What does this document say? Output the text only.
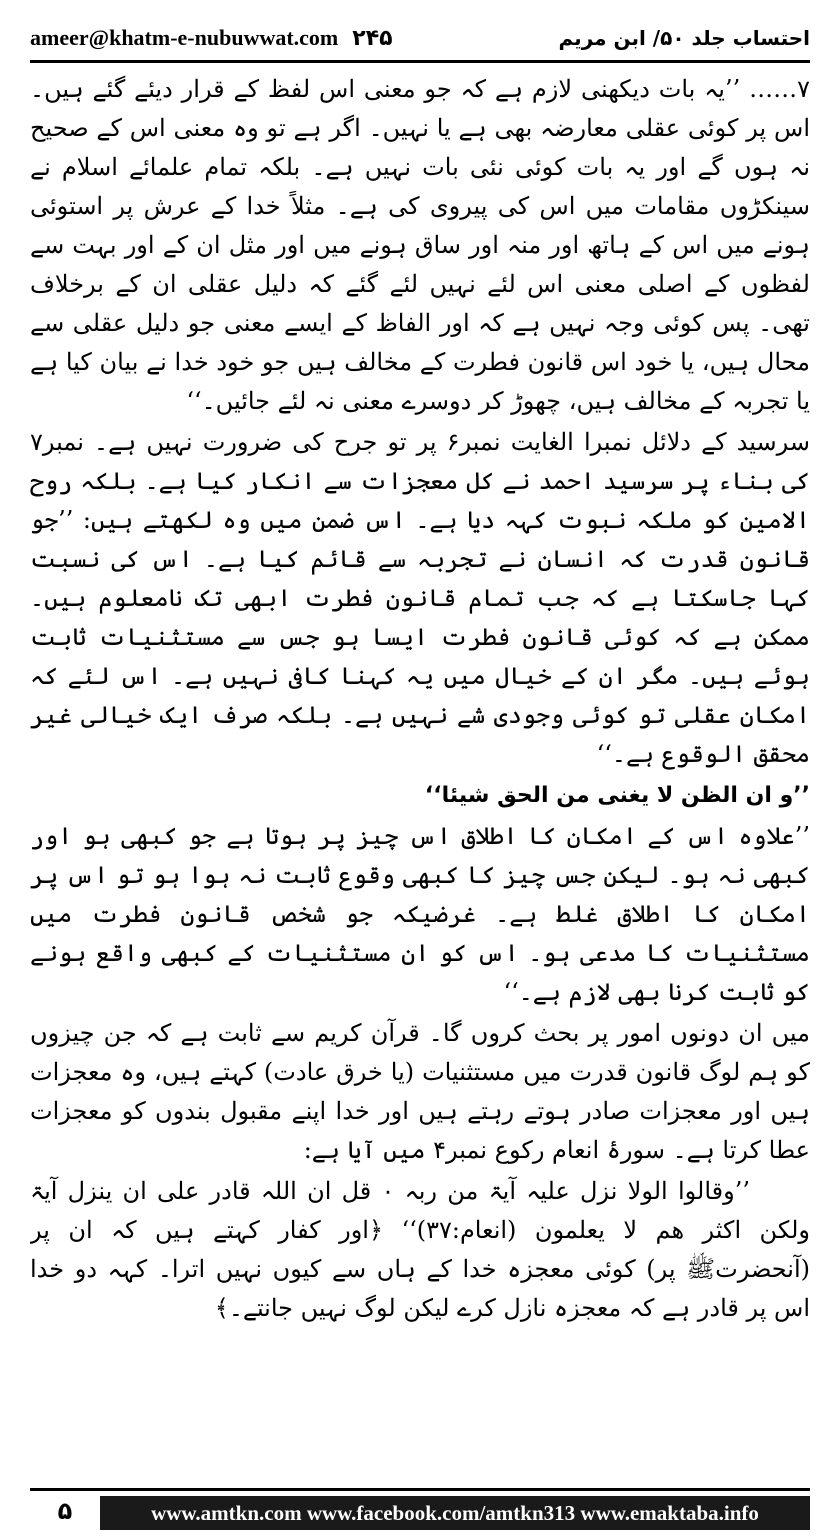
ameer@khatm-e-nubuwwat.com ۲۴۵	احتساب جلد ۵۰/ ابن مریم

۷…… ’’یہ بات دیکھنی لازم ہے کہ جو معنی اس لفظ کے قرار دیئے گئے ہیں۔ اس پر کوئی عقلی معارضہ بھی ہے یا نہیں۔ اگر ہے تو وہ معنی اس کے صحیح نہ ہوں گے اور یہ بات کوئی نئی بات نہیں ہے۔ بلکہ تمام علمائے اسلام نے سینکڑوں مقامات میں اس کی پیروی کی ہے۔ مثلاً خدا کے عرش پر استوئی ہونے میں اس کے ہاتھ اور منہ اور ساق ہونے میں اور مثل ان کے اور بہت سے لفظوں کے اصلی معنی اس لئے نہیں لئے گئے کہ دلیل عقلی ان کے برخلاف تھی۔ پس کوئی وجہ نہیں ہے کہ اور الفاظ کے ایسے معنی جو دلیل عقلی سے محال ہیں، یا خود اس قانون فطرت کے مخالف ہیں جو خود خدا نے بیان کیا ہے یا تجربہ کے مخالف ہیں، چھوڑ کر دوسرے معنی نہ لئے جائیں۔‘‘

سرسید کے دلائل نمبرا الغایت نمبر۶ پر تو جرح کی ضرورت نہیں ہے۔ نمبر۷ کی بناء پر سرسید احمد نے کل معجزات سے انکار کیا ہے۔ بلکہ روح الامین کو ملکہ نبوت کہہ دیا ہے۔ اس ضمن میں وہ لکھتے ہیں: ’’جو قانون قدرت کہ انسان نے تجربہ سے قائم کیا ہے۔ اس کی نسبت کہا جاسکتا ہے کہ جب تمام قانون فطرت ابھی تک نامعلوم ہیں۔ ممکن ہے کہ کوئی قانون فطرت ایسا ہو جس سے مستثنیات ثابت ہوئے ہیں۔ مگر ان کے خیال میں یہ کہنا کافی نہیں ہے۔ اس لئے کہ امکان عقلی تو کوئی وجودی شے نہیں ہے۔ بلکہ صرف ایک خیالی غیر محقق الوقوع ہے۔‘‘

’’و ان الظن لا یغنی من الحق شیئا‘‘

’’علاوہ اس کے امکان کا اطلاق اس چیز پر ہوتا ہے جو کبھی ہو اور کبھی نہ ہو۔ لیکن جس چیز کا کبھی وقوع ثابت نہ ہوا ہو تو اس پر امکان کا اطلاق غلط ہے۔ غرضیکہ جو شخص قانون فطرت میں مستثنیات کا مدعی ہو۔ اس کو ان مستثنیات کے کبھی واقع ہونے کو ثابت کرنا بھی لازم ہے۔‘‘

میں ان دونوں امور پر بحث کروں گا۔ قرآن کریم سے ثابت ہے کہ جن چیزوں کو ہم لوگ قانون قدرت میں مستثنیات (یا خرق عادت) کہتے ہیں، وہ معجزات ہیں اور معجزات صادر ہوتے رہتے ہیں اور خدا اپنے مقبول بندوں کو معجزات عطا کرتا ہے۔ سورۂ انعام رکوع نمبر۴ میں آیا ہے:

’’وقالوا الولا نزل علیہ آیۃ من ربہ ۰ قل ان اللہ قادر علی ان ینزل آیۃ ولکن اکثر ھم لا یعلمون (انعام:۳۷)‘‘ ﴿اور کفار کہتے ہیں کہ ان پر (آنحضرتﷺ پر) کوئی معجزہ خدا کے ہاں سے کیوں نہیں اترا۔ کہہ دو خدا اس پر قادر ہے کہ معجزہ نازل کرے لیکن لوگ نہیں جانتے۔﴾

۵	www.amtkn.com www.facebook.com/amtkn313 www.emaktaba.info
